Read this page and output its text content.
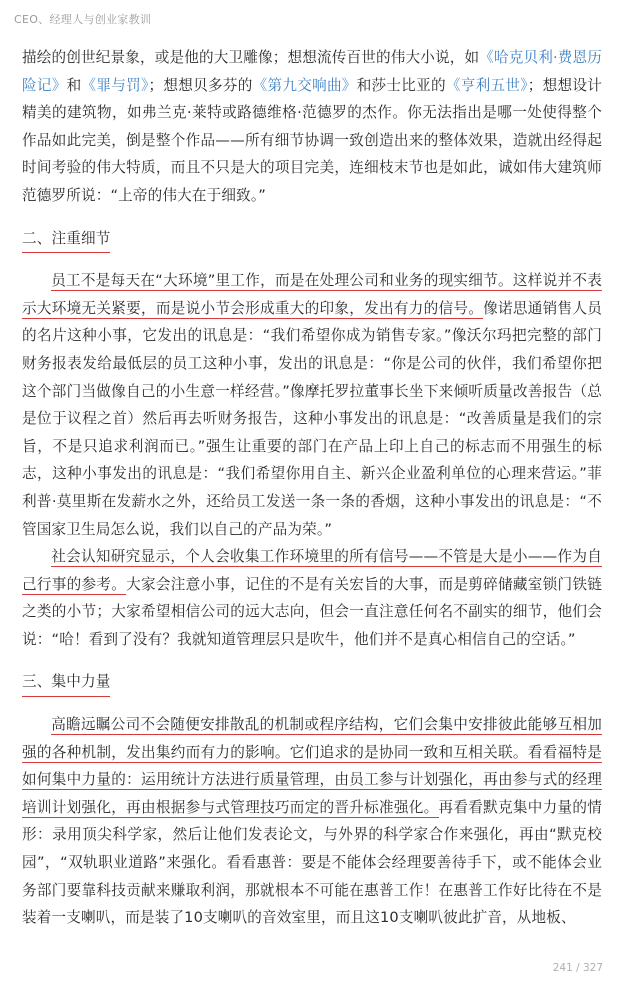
CEO、经理人与创业家教训

描绘的创世纪景象，或是他的大卫雕像；想想流传百世的伟大小说，如《哈克贝利·费恩历险记》和《罪与罚》；想想贝多芬的《第九交响曲》和莎士比亚的《亨利五世》；想想设计精美的建筑物，如弗兰克·莱特或路德维格·范德罗的杰作。你无法指出是哪一处使得整个作品如此完美，倒是整个作品——所有细节协调一致创造出来的整体效果，造就出经得起时间考验的伟大特质，而且不只是大的项目完美，连细枝末节也是如此，诚如伟大建筑师范德罗所说：“上帝的伟大在于细致。”

二、注重细节

员工不是每天在“大环境”里工作，而是在处理公司和业务的现实细节。这样说并不表示大环境无关紧要，而是说小节会形成重大的印象，发出有力的信号。像诺思通销售人员的名片这种小事，它发出的讯息是：“我们希望你成为销售专家。”像沃尔玛把完整的部门财务报表发给最低层的员工这种小事，发出的讯息是：“你是公司的伙伴，我们希望你把这个部门当做像自己的小生意一样经营。”像摩托罗拉董事长坐下来倾听质量改善报告（总是位于议程之首）然后再去听财务报告，这种小事发出的讯息是：“改善质量是我们的宗旨，不是只追求利润而已。”强生让重要的部门在产品上印上自己的标志而不用强生的标志，这种小事发出的讯息是：“我们希望你用自主、新兴企业盈利单位的心理来营运。”菲利普·莫里斯在发薪水之外，还给员工发送一条一条的香烟，这种小事发出的讯息是：“不管国家卫生局怎么说，我们以自己的产品为荣。”

社会认知研究显示，个人会收集工作环境里的所有信号——不管是大是小——作为自己行事的参考。大家会注意小事，记住的不是有关宏旨的大事，而是剪碎储藏室锁门铁链之类的小节；大家希望相信公司的远大志向，但会一直注意任何名不副实的细节，他们会说：“哈！看到了没有？我就知道管理层只是吹牛，他们并不是真心相信自己的空话。”

三、集中力量

高瞻远瞩公司不会随便安排散乱的机制或程序结构，它们会集中安排彼此能够互相加强的各种机制，发出集约而有力的影响。它们追求的是协同一致和互相关联。看看福特是如何集中力量的：运用统计方法进行质量管理，由员工参与计划强化，再由参与式的经理培训计划强化，再由根据参与式管理技巧而定的晋升标准强化。再看看默克集中力量的情形：录用顶尖科学家，然后让他们发表论文，与外界的科学家合作来强化，再由“默克校园”，“双轨职业道路”来强化。看看惠普：要是不能体会经理要善待手下，或不能体会业务部门要靠科技贡献来赚取利润，那就根本不可能在惠普工作！在惠普工作好比待在不是装着一支喇叭，而是装了10支喇叭的音效室里，而且这10支喇叭彼此扩音，从地板、

241 / 327
